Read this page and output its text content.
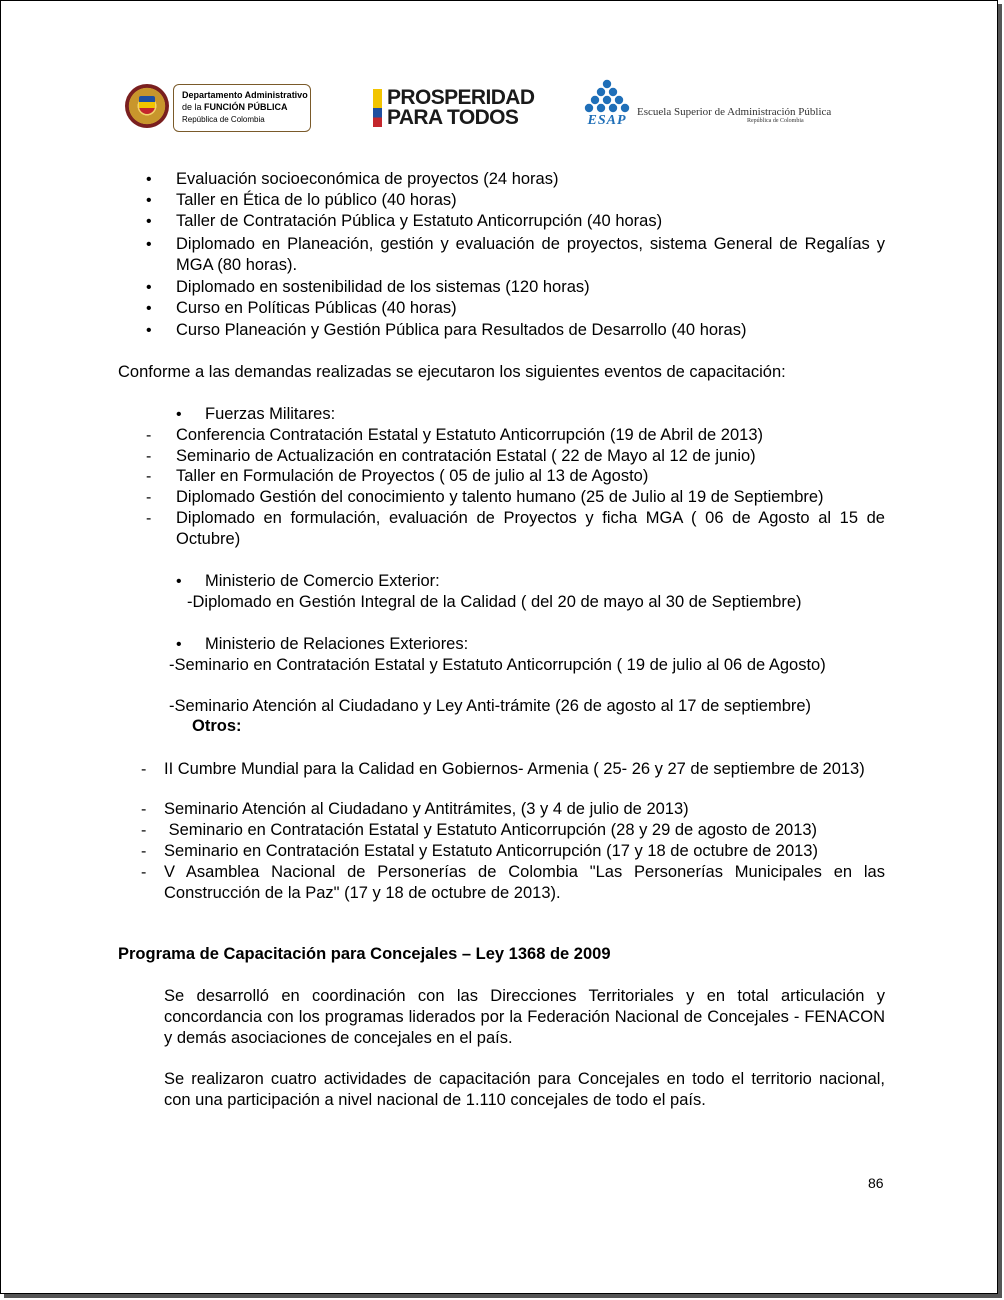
Departamento Administrativo
de la FUNCIÓN PÚBLICA
República de Colombia
PROSPERIDAD
PARA TODOS	ESAP
Escuela Superior de Administración Pública
República de Colombia
• Evaluación socioeconómica de proyectos (24 horas)
• Taller en Ética de lo público (40 horas)
• Taller de Contratación Pública y Estatuto Anticorrupción (40 horas)
• Diplomado en Planeación, gestión y evaluación de proyectos, sistema General de Regalías y MGA (80 horas).
• Diplomado en sostenibilidad de los sistemas (120 horas)
• Curso en Políticas Públicas (40 horas)
• Curso Planeación y Gestión Pública para Resultados de Desarrollo (40 horas)
Conforme a las demandas realizadas se ejecutaron los siguientes eventos de capacitación:
• Fuerzas Militares:
- Conferencia Contratación Estatal y Estatuto Anticorrupción (19 de Abril de 2013)
- Seminario de Actualización en contratación Estatal ( 22 de Mayo al 12 de junio)
- Taller en Formulación de Proyectos ( 05 de julio al 13 de Agosto)
- Diplomado Gestión del conocimiento y talento humano (25 de Julio al 19 de Septiembre)
- Diplomado en formulación, evaluación de Proyectos y ficha MGA ( 06 de Agosto al 15 de Octubre)
• Ministerio de Comercio Exterior:
-Diplomado en Gestión Integral de la Calidad ( del 20 de mayo al 30 de Septiembre)
• Ministerio de Relaciones Exteriores:
-Seminario en Contratación Estatal y Estatuto Anticorrupción ( 19 de julio al 06 de Agosto)
-Seminario Atención al Ciudadano y Ley Anti-trámite (26 de agosto al 17 de septiembre)
Otros:
- II Cumbre Mundial para la Calidad en Gobiernos- Armenia ( 25- 26 y 27 de septiembre de 2013)
- Seminario Atención al Ciudadano y Antitrámites, (3 y 4 de julio de 2013)
- Seminario en Contratación Estatal y Estatuto Anticorrupción (28 y 29 de agosto de 2013)
- Seminario en Contratación Estatal y Estatuto Anticorrupción (17 y 18 de octubre de 2013)
- V Asamblea Nacional de Personerías de Colombia "Las Personerías Municipales en las Construcción de la Paz" (17 y 18 de octubre de 2013).
Programa de Capacitación para Concejales – Ley 1368 de 2009
Se desarrolló en coordinación con las Direcciones Territoriales y en total articulación y concordancia con los programas liderados por la Federación Nacional de Concejales - FENACON y demás asociaciones de concejales en el país.
Se realizaron cuatro actividades de capacitación para Concejales en todo el territorio nacional, con una participación a nivel nacional de 1.110 concejales de todo el país.
86
